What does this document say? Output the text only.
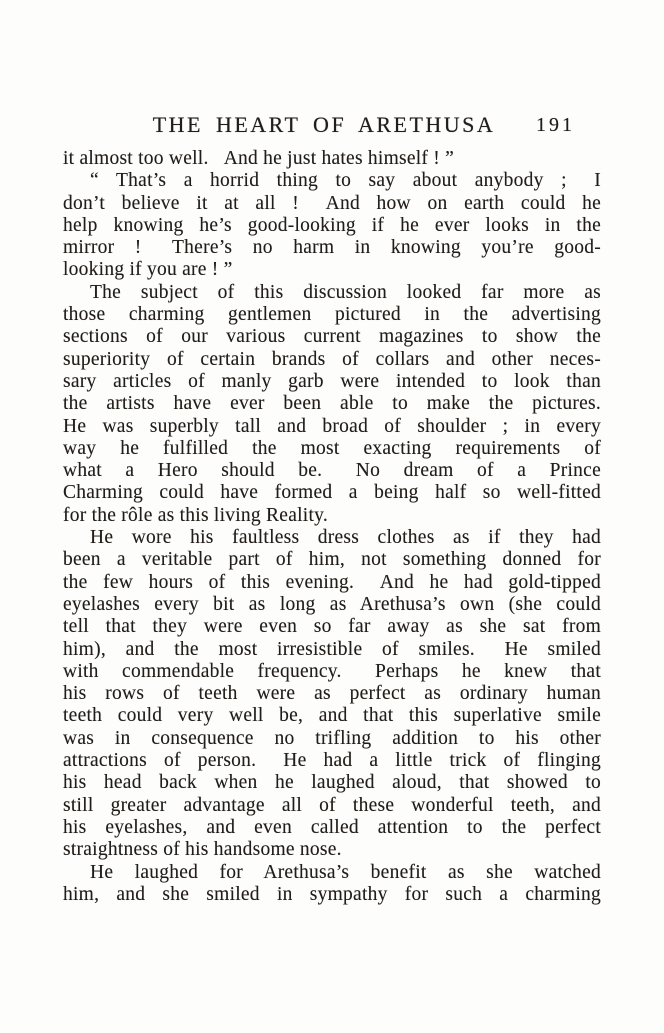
THE HEART OF ARETHUSA	191
it almost too well.  And he just hates himself ! ”
“ That’s a horrid thing to say about anybody ;  I
don’t believe it at all !  And how on earth could he
help knowing he’s good-looking if he ever looks in the
mirror !  There’s no harm in knowing you’re good-
looking if you are ! ”
The subject of this discussion looked far more as
those charming gentlemen pictured in the advertising
sections of our various current magazines to show the
superiority of certain brands of collars and other neces-
sary articles of manly garb were intended to look than
the artists have ever been able to make the pictures.
He was superbly tall and broad of shoulder ; in every
way he fulfilled the most exacting requirements of
what a Hero should be.  No dream of a Prince
Charming could have formed a being half so well-fitted
for the rôle as this living Reality.
He wore his faultless dress clothes as if they had
been a veritable part of him, not something donned for
the few hours of this evening.  And he had gold-tipped
eyelashes every bit as long as Arethusa’s own (she could
tell that they were even so far away as she sat from
him), and the most irresistible of smiles.  He smiled
with commendable frequency.  Perhaps he knew that
his rows of teeth were as perfect as ordinary human
teeth could very well be, and that this superlative smile
was in consequence no trifling addition to his other
attractions of person.  He had a little trick of flinging
his head back when he laughed aloud, that showed to
still greater advantage all of these wonderful teeth, and
his eyelashes, and even called attention to the perfect
straightness of his handsome nose.
He laughed for Arethusa’s benefit as she watched
him, and she smiled in sympathy for such a charming
